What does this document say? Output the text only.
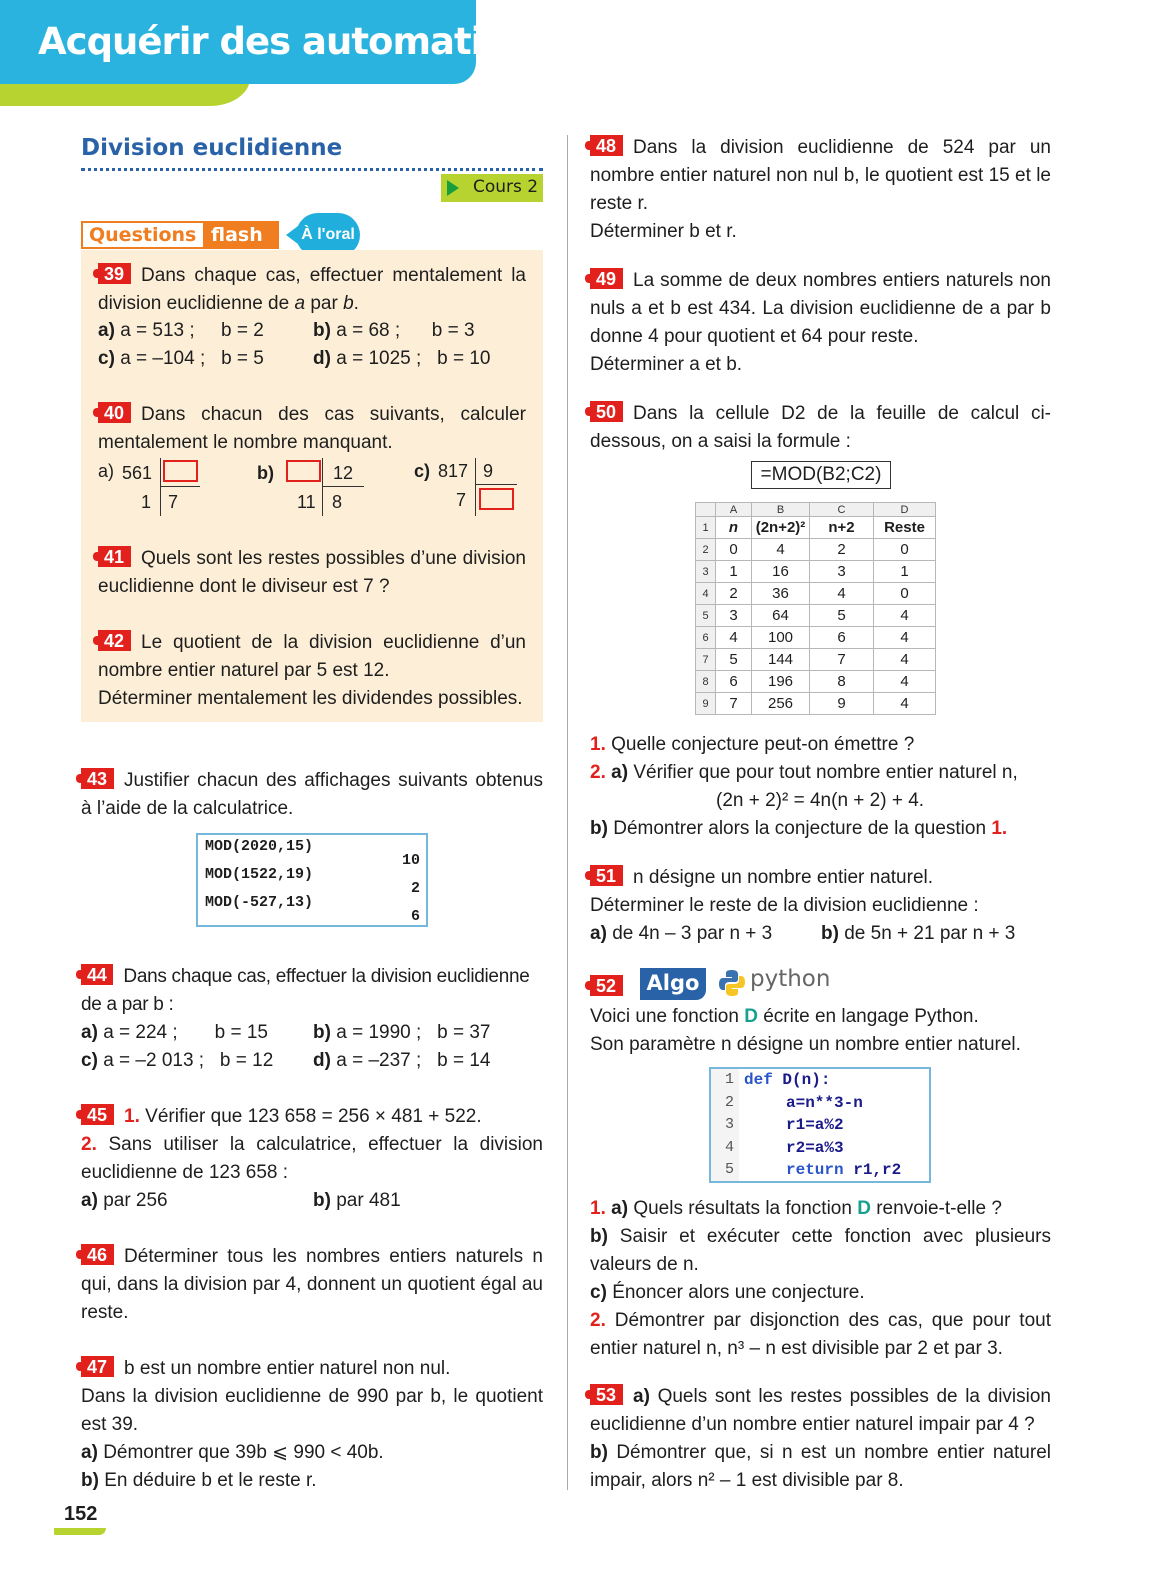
Acquérir des automatismes
Division euclidienne
Cours 2
Questions flash	À l'oral
39 Dans chaque cas, effectuer mentalement la division euclidienne de a par b.
a) a = 513 ;     b = 2	b) a = 68 ;      b = 3
c) a = –104 ;   b = 5	d) a = 1025 ;   b = 10
40 Dans chacun des cas suivants, calculer mentalement le nombre manquant.
a) 561
1 7
b)	12
11 8
c) 817 9
7
41 Quels sont les restes possibles d’une division euclidienne dont le diviseur est 7 ?
42 Le quotient de la division euclidienne d’un nombre entier naturel par 5 est 12.
Déterminer mentalement les dividendes possibles.
43 Justifier chacun des affichages suivants obtenus à l’aide de la calculatrice.
MOD(2020,15)
10
MOD(1522,19)
2
MOD(-527,13)
6
44 Dans chaque cas, effectuer la division euclidienne de a par b :
a) a = 224 ;       b = 15 b) a = 1990 ;   b = 37
c) a = –2 013 ;   b = 12 d) a = –237 ;   b = 14
45 1. Vérifier que 123 658 = 256 × 481 + 522.
2. Sans utiliser la calculatrice, effectuer la division euclidienne de 123 658 :
a) par 256	b) par 481
46 Déterminer tous les nombres entiers naturels n qui, dans la division par 4, donnent un quotient égal au reste.
47 b est un nombre entier naturel non nul.
Dans la division euclidienne de 990 par b, le quotient est 39.
a) Démontrer que 39b ⩽ 990 < 40b.
b) En déduire b et le reste r.
48 Dans la division euclidienne de 524 par un nombre entier naturel non nul b, le quotient est 15 et le reste r.
Déterminer b et r.
49 La somme de deux nombres entiers naturels non nuls a et b est 434. La division euclidienne de a par b donne 4 pour quotient et 64 pour reste.
Déterminer a et b.
50 Dans la cellule D2 de la feuille de calcul ci-dessous, on a saisi la formule :
=MOD(B2;C2)
	A	B	C	D
1	n	(2n+2)²	n+2	Reste
2	0	4	2	0
3	1	16	3	1
4	2	36	4	0
5	3	64	5	4
6	4	100	6	4
7	5	144	7	4
8	6	196	8	4
9	7	256	9	4
1. Quelle conjecture peut-on émettre ?
2. a) Vérifier que pour tout nombre entier naturel n,
(2n + 2)² = 4n(n + 2) + 4.
b) Démontrer alors la conjecture de la question 1.
51 n désigne un nombre entier naturel.
Déterminer le reste de la division euclidienne :
a) de 4n – 3 par n + 3	b) de 5n + 21 par n + 3
52	Algo python
Voici une fonction D écrite en langage Python.
Son paramètre n désigne un nombre entier naturel.
1 def D(n):
2	a=n**3-n
3	r1=a%2
4	r2=a%3
5	return r1,r2
1. a) Quels résultats la fonction D renvoie-t-elle ?
b) Saisir et exécuter cette fonction avec plusieurs valeurs de n.
c) Énoncer alors une conjecture.
2. Démontrer par disjonction des cas, que pour tout entier naturel n, n³ – n est divisible par 2 et par 3.
53 a) Quels sont les restes possibles de la division euclidienne d’un nombre entier naturel impair par 4 ?
b) Démontrer que, si n est un nombre entier naturel impair, alors n² – 1 est divisible par 8.
152
